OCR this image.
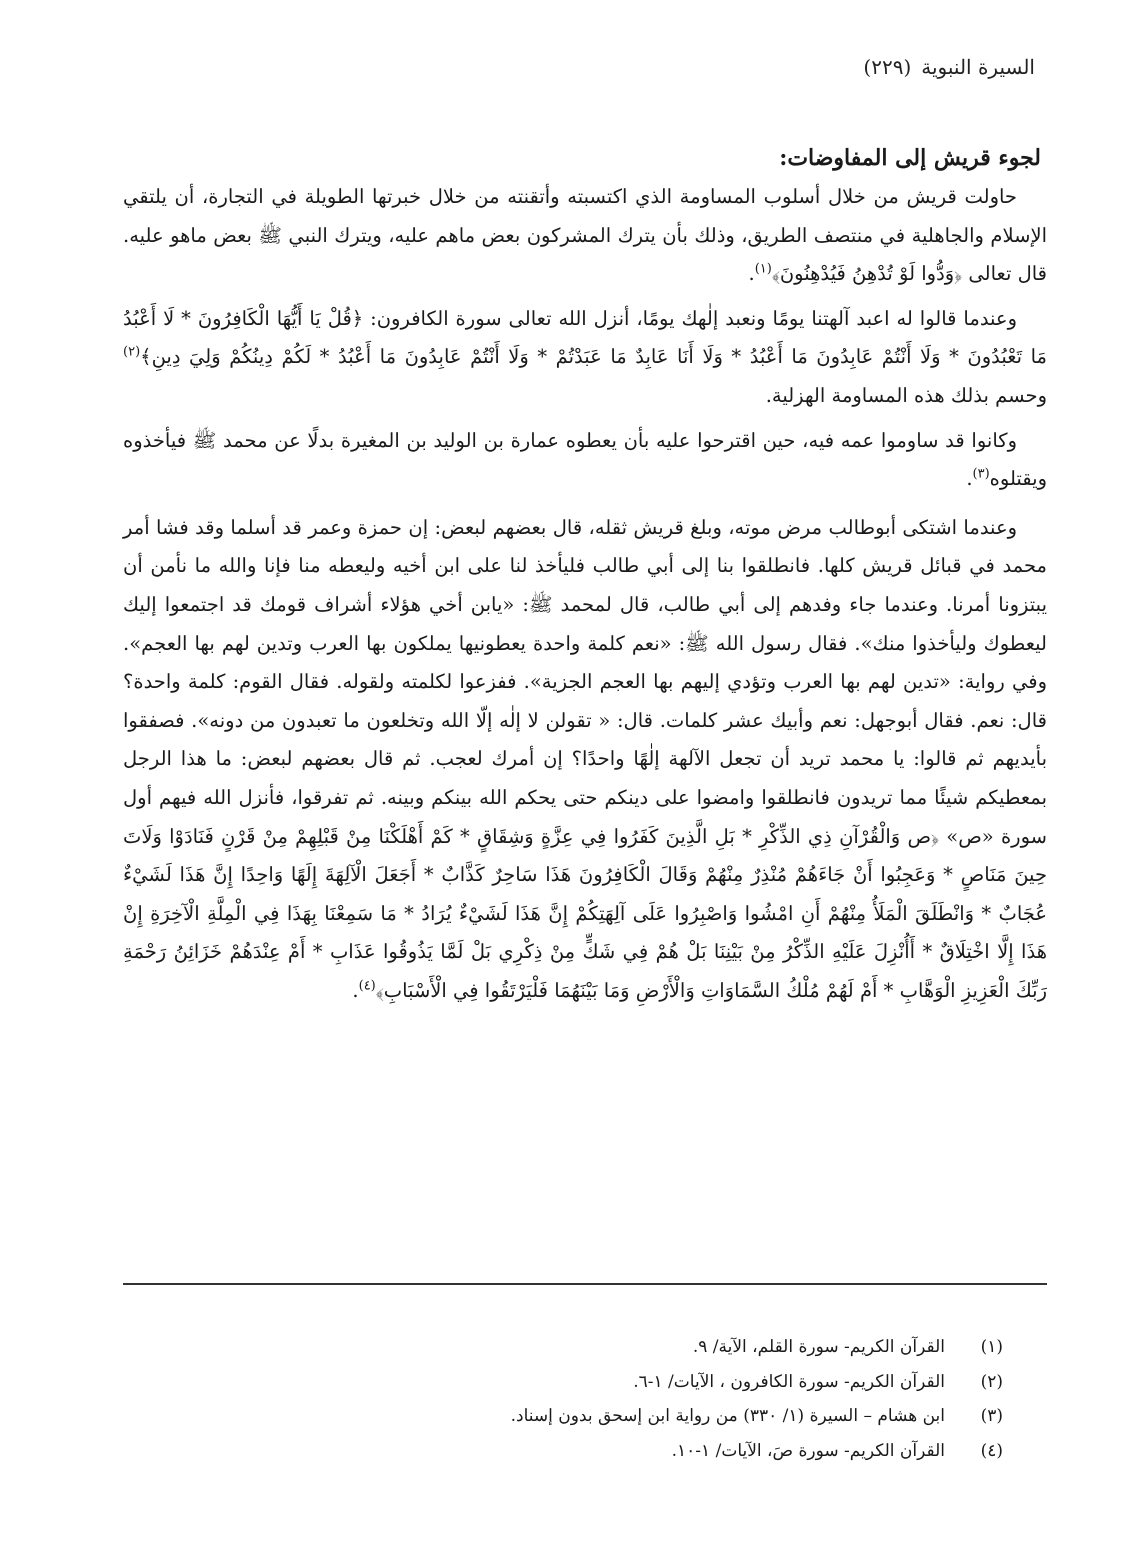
السيرة النبوية(٢٢٩)
لجوء قريش إلى المفاوضات:

حاولت قريش من خلال أسلوب المساومة الذي اكتسبته وأتقنته من خلال خبرتها الطويلة في التجارة، أن يلتقي الإسلام والجاهلية في منتصف الطريق، وذلك بأن يترك المشركون بعض ماهم عليه، ويترك النبي ﷺ بعض ماهو عليه. قال تعالى ﴿وَدُّوا لَوْ تُدْهِنُ فَيُدْهِنُونَ﴾$^{(١)}$.

وعندما قالوا له اعبد آلهتنا يومًا ونعبد إلٰهك يومًا، أنزل الله تعالى سورة الكافرون: ﴿قُلْ يَا أَيُّهَا الْكَافِرُونَ * لَا أَعْبُدُ مَا تَعْبُدُونَ * وَلَا أَنْتُمْ عَابِدُونَ مَا أَعْبُدُ * وَلَا أَنَا عَابِدٌ مَا عَبَدْتُمْ * وَلَا أَنْتُمْ عَابِدُونَ مَا أَعْبُدُ * لَكُمْ دِينُكُمْ وَلِيَ دِينِ﴾$^{(٢)}$ وحسم بذلك هذه المساومة الهزلية.

وكانوا قد ساوموا عمه فيه، حين اقترحوا عليه بأن يعطوه عمارة بن الوليد بن المغيرة بدلًا عن محمد ﷺ فيأخذوه ويقتلوه$^{(٣)}$.

وعندما اشتكى أبوطالب مرض موته، وبلغ قريش ثقله، قال بعضهم لبعض: إن حمزة وعمر قد أسلما وقد فشا أمر محمد في قبائل قريش كلها. فانطلقوا بنا إلى أبي طالب فليأخذ لنا على ابن أخيه وليعطه منا فإنا والله ما نأمن أن يبتزونا أمرنا. وعندما جاء وفدهم إلى أبي طالب، قال لمحمد ﷺ: «يابن أخي هؤلاء أشراف قومك قد اجتمعوا إليك ليعطوك وليأخذوا منك». فقال رسول الله ﷺ: «نعم كلمة واحدة يعطونيها يملكون بها العرب وتدين لهم بها العجم». وفي رواية: «تدين لهم بها العرب وتؤدي إليهم بها العجم الجزية». ففزعوا لكلمته ولقوله. فقال القوم: كلمة واحدة؟ قال: نعم. فقال أبوجهل: نعم وأبيك عشر كلمات. قال: « تقولن لا إلٰه إلّا الله وتخلعون ما تعبدون من دونه». فصفقوا بأيديهم ثم قالوا: يا محمد تريد أن تجعل الآلهة إلٰهًا واحدًا؟ إن أمرك لعجب. ثم قال بعضهم لبعض: ما هذا الرجل بمعطيكم شيئًا مما تريدون فانطلقوا وامضوا على دينكم حتى يحكم الله بينكم وبينه. ثم تفرقوا، فأنزل الله فيهم أول سورة «ص» ﴿ص وَالْقُرْآنِ ذِي الذِّكْرِ * بَلِ الَّذِينَ كَفَرُوا فِي عِزَّةٍ وَشِقَاقٍ * كَمْ أَهْلَكْنَا مِنْ قَبْلِهِمْ مِنْ قَرْنٍ فَنَادَوْا وَلَاتَ حِينَ مَنَاصٍ * وَعَجِبُوا أَنْ جَاءَهُمْ مُنْذِرٌ مِنْهُمْ وَقَالَ الْكَافِرُونَ هَذَا سَاحِرٌ كَذَّابٌ * أَجَعَلَ الْآلِهَةَ إِلَهًا وَاحِدًا إِنَّ هَذَا لَشَيْءٌ عُجَابٌ * وَانْطَلَقَ الْمَلَأُ مِنْهُمْ أَنِ امْشُوا وَاصْبِرُوا عَلَى آلِهَتِكُمْ إِنَّ هَذَا لَشَيْءٌ يُرَادُ * مَا سَمِعْنَا بِهَذَا فِي الْمِلَّةِ الْآخِرَةِ إِنْ هَذَا إِلَّا اخْتِلَاقٌ * أَأُنْزِلَ عَلَيْهِ الذِّكْرُ مِنْ بَيْنِنَا بَلْ هُمْ فِي شَكٍّ مِنْ ذِكْرِي بَلْ لَمَّا يَذُوقُوا عَذَابِ * أَمْ عِنْدَهُمْ خَزَائِنُ رَحْمَةِ رَبِّكَ الْعَزِيزِ الْوَهَّابِ * أَمْ لَهُمْ مُلْكُ السَّمَاوَاتِ وَالْأَرْضِ وَمَا بَيْنَهُمَا فَلْيَرْتَقُوا فِي الْأَسْبَابِ﴾$^{(٤)}$.

(١)القرآن الكريم- سورة القلم، الآية/ ٩.
(٢)القرآن الكريم- سورة الكافرون ، الآيات/ ١-٦.
(٣)ابن هشام – السيرة (١/ ٣٣٠) من رواية ابن إسحق بدون إسناد.
(٤)القرآن الكريم- سورة صَ، الآيات/ ١-١٠.
